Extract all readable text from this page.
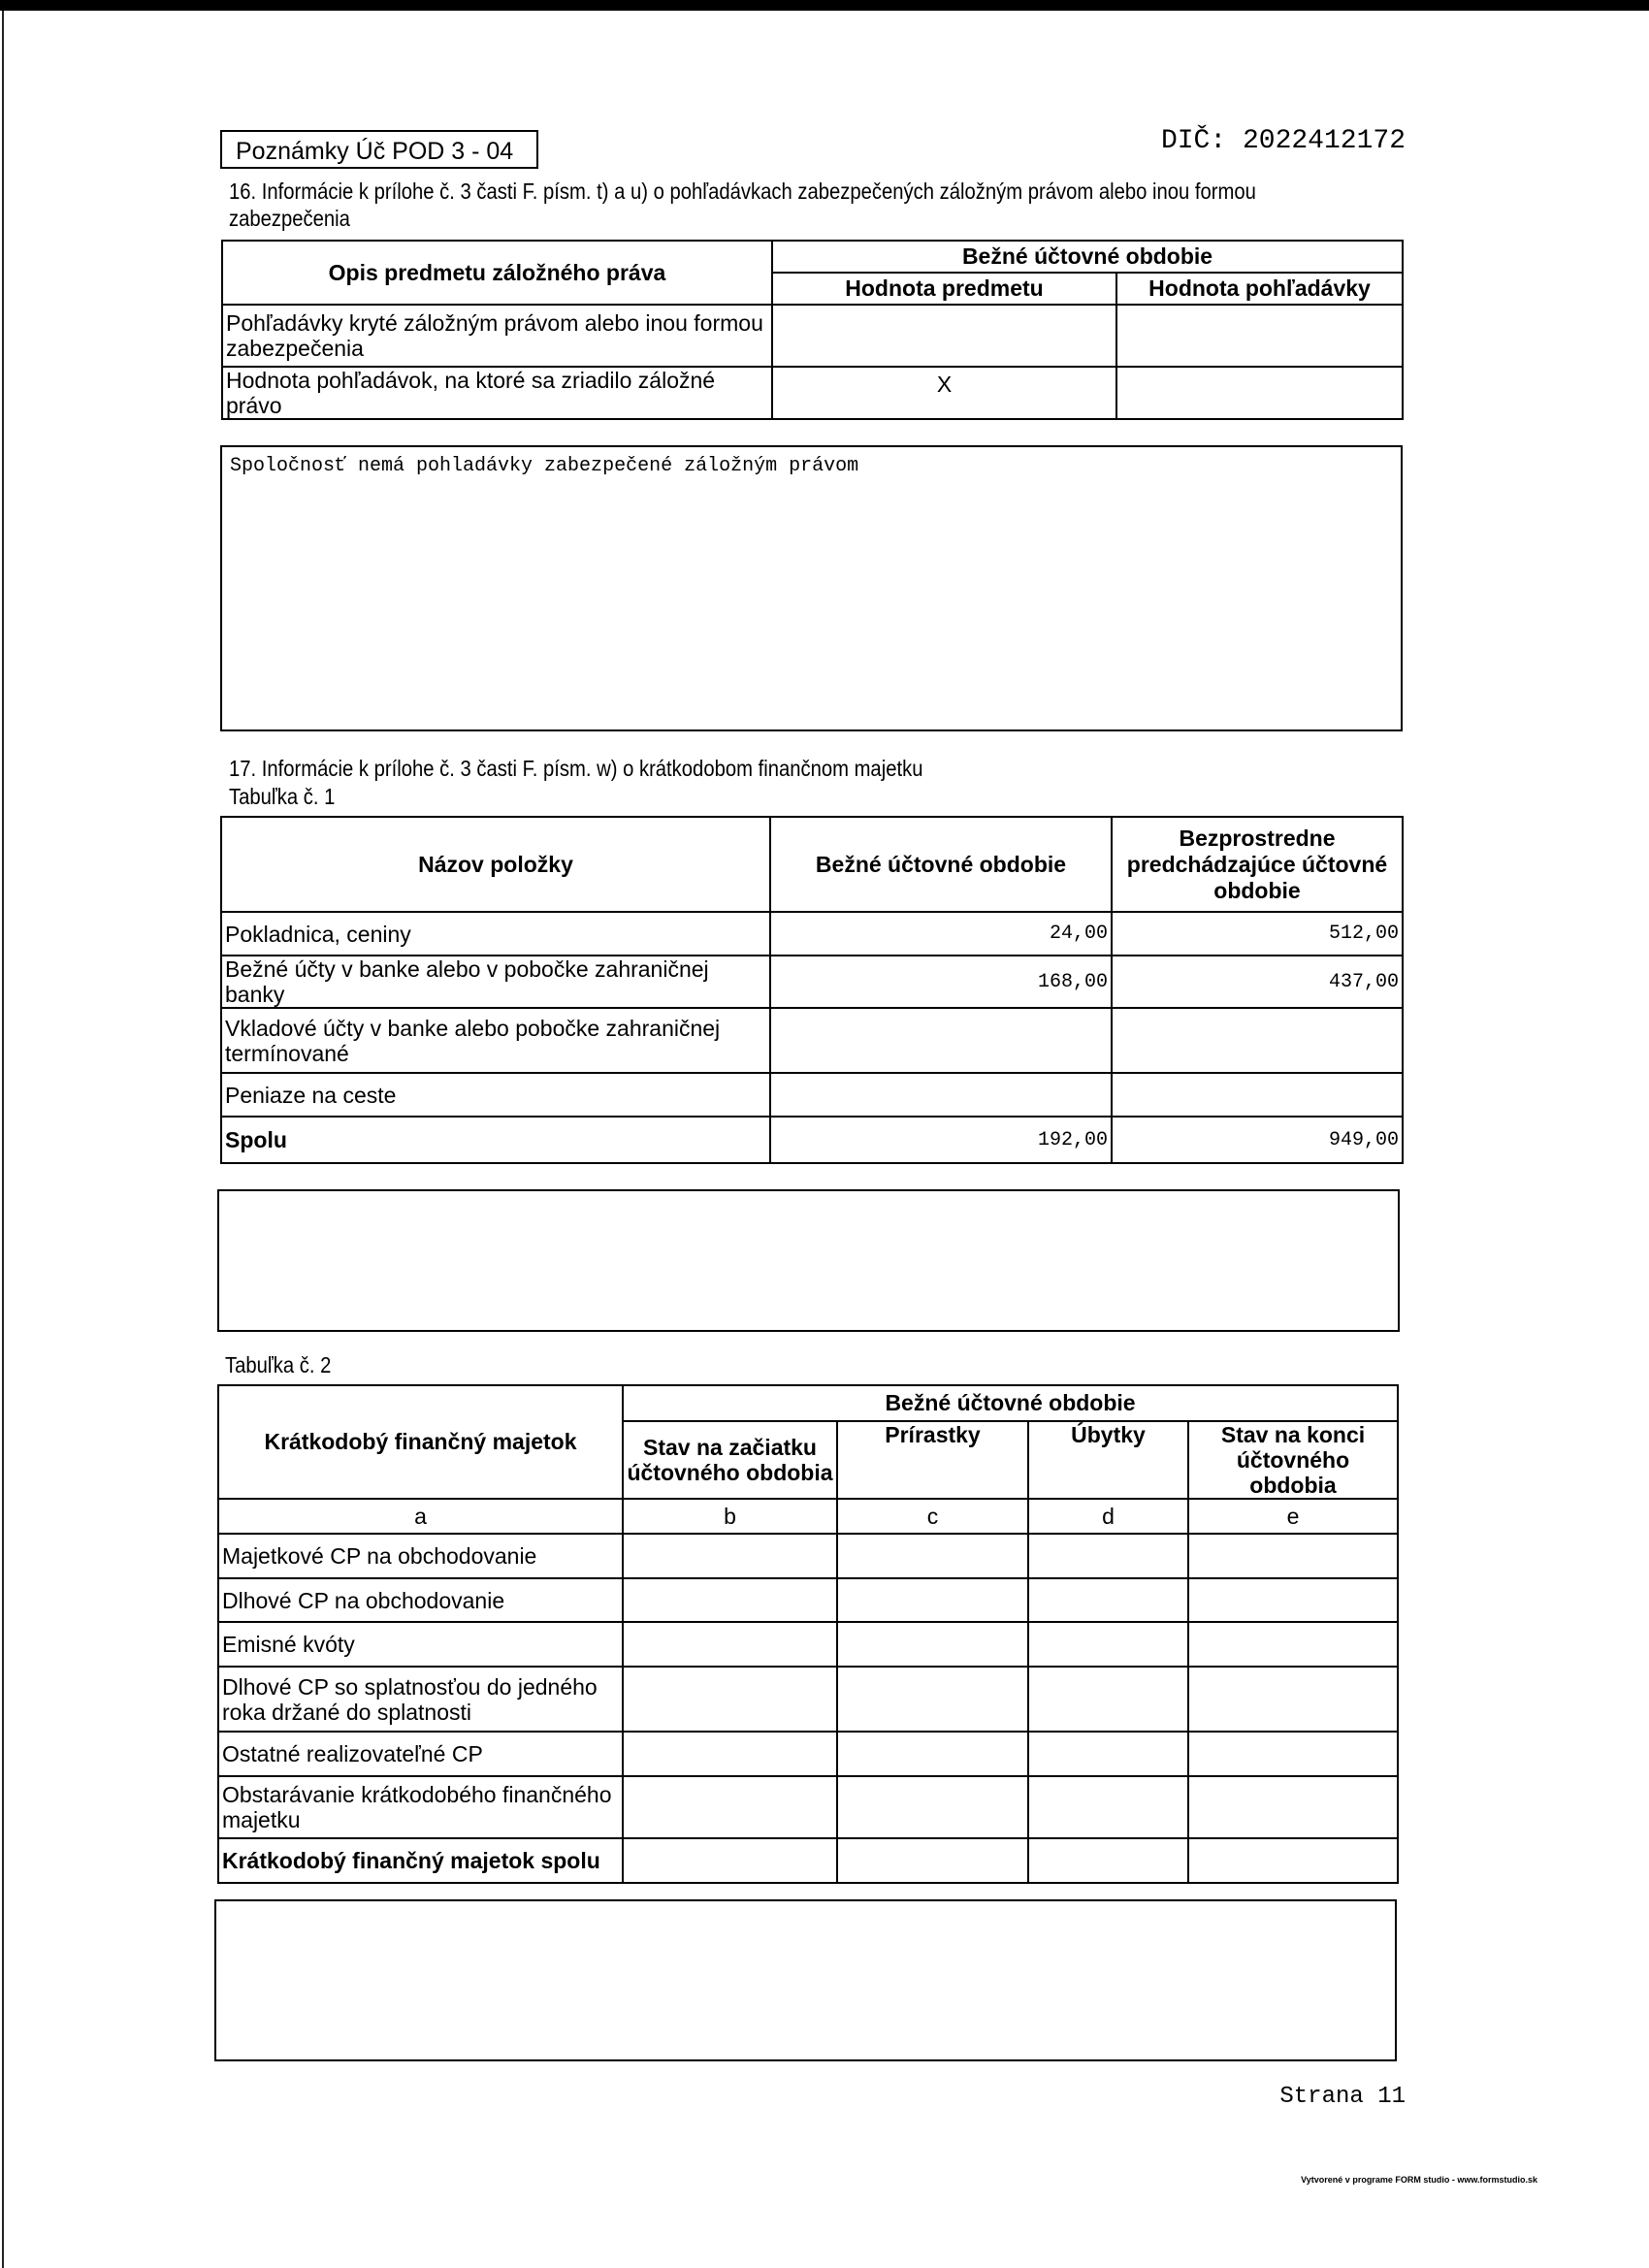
Poznámky Úč POD 3 - 04	DIČ: 2022412172
16. Informácie k prílohe č. 3 časti F. písm. t) a u) o pohľadávkach zabezpečených záložným právom alebo inou formou
zabezpečenia
Opis predmetu záložného práva	Bežné účtovné obdobie	
	Hodnota predmetu	Hodnota pohľadávky
Pohľadávky kryté záložným právom alebo inou formou zabezpečenia		
Hodnota pohľadávok, na ktoré sa zriadilo záložné právo	X	
Spoločnosť nemá pohladávky zabezpečené záložným právom
17. Informácie k prílohe č. 3 časti F. písm. w) o krátkodobom finančnom majetku
Tabuľka č. 1
Názov položky	Bežné účtovné obdobie	Bezprostredne predchádzajúce účtovné obdobie
Pokladnica, ceniny	24,00	512,00
Bežné účty v banke alebo v pobočke zahraničnej banky	168,00	437,00
Vkladové účty v banke alebo pobočke zahraničnej termínované		
Peniaze na ceste		
Spolu	192,00	949,00
Tabuľka č. 2
Krátkodobý finančný majetok	Bežné účtovné obdobie			
	Stav na začiatku účtovného obdobia	Prírastky	Úbytky	Stav na konci účtovného obdobia
a	b	c	d	e
Majetkové CP na obchodovanie				
Dlhové CP na obchodovanie				
Emisné kvóty				
Dlhové CP so splatnosťou do jedného roka držané do splatnosti				
Ostatné realizovateľné CP				
Obstarávanie krátkodobého finančného majetku				
Krátkodobý finančný majetok spolu				
Strana 11
Vytvorené v programe FORM studio - www.formstudio.sk
